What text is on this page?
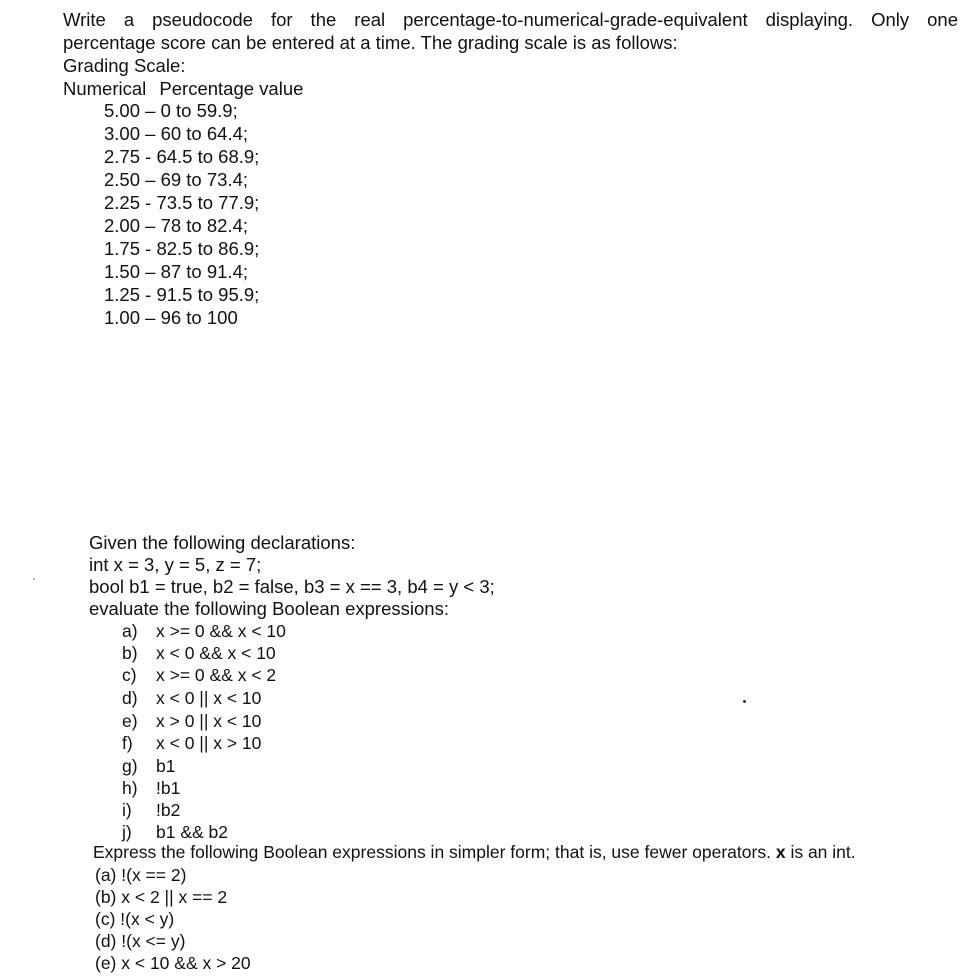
Write a pseudocode for the real percentage-to-numerical-grade-equivalent displaying. Only one
percentage score can be entered at a time. The grading scale is as follows:
Grading Scale:
Numerical Percentage value
5.00 – 0 to 59.9;
3.00 – 60 to 64.4;
2.75 - 64.5 to 68.9;
2.50 – 69 to 73.4;
2.25 - 73.5 to 77.9;
2.00 – 78 to 82.4;
1.75 - 82.5 to 86.9;
1.50 – 87 to 91.4;
1.25 - 91.5 to 95.9;
1.00 – 96 to 100
Given the following declarations:
int x = 3, y = 5, z = 7;
bool b1 = true, b2 = false, b3 = x == 3, b4 = y < 3;
evaluate the following Boolean expressions:
a) x >= 0 && x < 10
b) x < 0 && x < 10
c) x >= 0 && x < 2
d) x < 0 || x < 10
e) x > 0 || x < 10
f) x < 0 || x > 10
g) b1
h) !b1
i) !b2
j) b1 && b2
Express the following Boolean expressions in simpler form; that is, use fewer operators. x is an int.
(a) !(x == 2)
(b) x < 2 || x == 2
(c) !(x < y)
(d) !(x <= y)
(e) x < 10 && x > 20
